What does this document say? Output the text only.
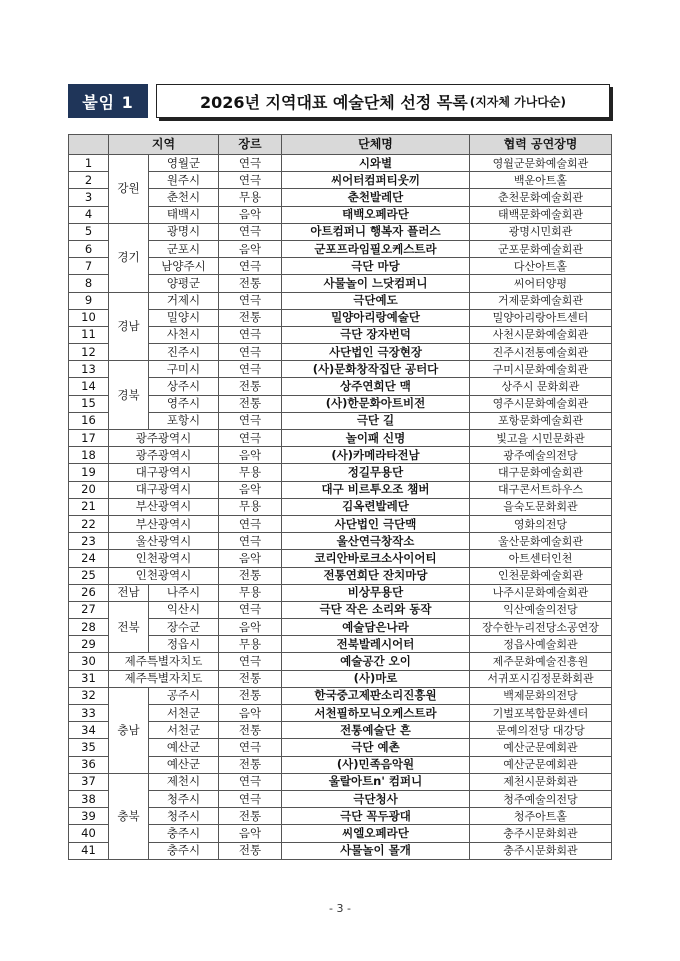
붙임 1	2026년 지역대표 예술단체 선정 목록 (지자체 가나다순)
	지역		장르	단체명	협력 공연장명
1	강원	영월군	연극	시와별	영월군문화예술회관
2		원주시	연극	씨어터컴퍼티웃끼	백운아트홀
3		춘천시	무용	춘천발레단	춘천문화예술회관
4		태백시	음악	태백오페라단	태백문화예술회관
5	경기	광명시	연극	아트컴퍼니 행복자 플러스	광명시민회관
6		군포시	음악	군포프라임필오케스트라	군포문화예술회관
7		남양주시	연극	극단 마당	다산아트홀
8		양평군	전통	사물놀이 느닷컴퍼니	씨어터양평
9	경남	거제시	연극	극단예도	거제문화예술회관
10		밀양시	전통	밀양아리랑예술단	밀양아리랑아트센터
11		사천시	연극	극단 장자번덕	사천시문화예술회관
12		진주시	연극	사단법인 극장현장	진주시전통예술회관
13	경북	구미시	연극	(사)문화창작집단 공터다	구미시문화예술회관
14		상주시	전통	상주연희단 맥	상주시 문화회관
15		영주시	전통	(사)한문화아트비전	영주시문화예술회관
16		포항시	연극	극단 길	포항문화예술회관
17	광주광역시		연극	놀이패 신명	빛고을 시민문화관
18	광주광역시		음악	(사)카메라타전남	광주예술의전당
19	대구광역시		무용	정길무용단	대구문화예술회관
20	대구광역시		음악	대구 비르투오조 챔버	대구콘서트하우스
21	부산광역시		무용	김옥련발레단	을숙도문화회관
22	부산광역시		연극	사단법인 극단맥	영화의전당
23	울산광역시		연극	울산연극창작소	울산문화예술회관
24	인천광역시		음악	코리안바로크소사이어티	아트센터인천
25	인천광역시		전통	전통연희단 잔치마당	인천문화예술회관
26	전남	나주시	무용	비상무용단	나주시문화예술회관
27	전북	익산시	연극	극단 작은 소리와 동작	익산예술의전당
28		장수군	음악	예술담은나라	장수한누리전당소공연장
29		정읍시	무용	전북발레시어터	정읍사예술회관
30	제주특별자치도		연극	예술공간 오이	제주문화예술진흥원
31	제주특별자치도		전통	(사)마로	서귀포시김정문화회관
32	충남	공주시	전통	한국중고제판소리진흥원	백제문화의전당
33		서천군	음악	서천필하모닉오케스트라	기벌포복합문화센터
34		서천군	전통	전통예술단 흔	문예의전당 대강당
35		예산군	연극	극단 예촌	예산군문예회관
36		예산군	전통	(사)민족음악원	예산군문예회관
37	충북	제천시	연극	울랄아트n' 컴퍼니	제천시문화회관
38		청주시	연극	극단청사	청주예술의전당
39		청주시	전통	극단 꼭두광대	청주아트홀
40		충주시	음악	씨엘오페라단	충주시문화회관
41		충주시	전통	사물놀이 몰개	충주시문화회관
- 3 -
